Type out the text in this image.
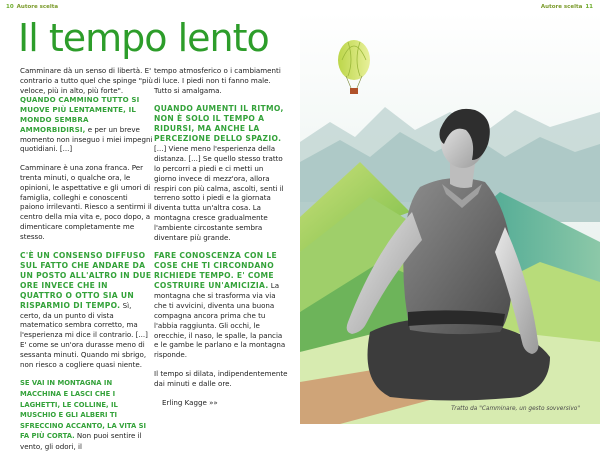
10 Autore scelta	Autore scelta 11
Il tempo lento

Camminare dà un senso di libertà. E' contrario a tutto quel che spinge "più veloce, più in alto, più forte". QUANDO CAMMINO TUTTO SI MUOVE PIÙ LENTAMENTE, IL MONDO SEMBRA AMMORBIDIRSI, e per un breve momento non inseguo i miei impegni quotidiani. [...]

Camminare è una zona franca. Per trenta minuti, o qualche ora, le opinioni, le aspettative e gli umori di famiglia, colleghi e conoscenti paiono irrilevanti. Riesco a sentirmi il centro della mia vita e, poco dopo, a dimenticare completamente me stesso.

C'È UN CONSENSO DIFFUSO SUL FATTO CHE ANDARE DA UN POSTO ALL'ALTRO IN DUE ORE INVECE CHE IN QUATTRO O OTTO SIA UN RISPARMIO DI TEMPO. Sì, certo, da un punto di vista matematico sembra corretto, ma l'esperienza mi dice il contrario. [...] E' come se un'ora durasse meno di sessanta minuti. Quando mi sbrigo, non riesco a cogliere quasi niente.

SE VAI IN MONTAGNA IN MACCHINA E LASCI CHE I LAGHETTI, LE COLLINE, IL MUSCHIO E GLI ALBERI TI SFRECCINO ACCANTO, LA VITA SI FA PIÙ CORTA. Non puoi sentire il vento, gli odori, il

tempo atmosferico o i cambiamenti di luce. I piedi non ti fanno male. Tutto si amalgama.

QUANDO AUMENTI IL RITMO, NON È SOLO IL TEMPO A RIDURSI, MA ANCHE LA PERCEZIONE DELLO SPAZIO. [...] Viene meno l'esperienza della distanza. [...] Se quello stesso tratto lo percorri a piedi e ci metti un giorno invece di mezz'ora, allora respiri con più calma, ascolti, senti il terreno sotto i piedi e la giornata diventa tutta un'altra cosa. La montagna cresce gradualmente l'ambiente circostante sembra diventare più grande.

FARE CONOSCENZA CON LE COSE CHE TI CIRCONDANO RICHIEDE TEMPO. E' COME COSTRUIRE UN'AMICIZIA. La montagna che si trasforma via via che ti avvicini, diventa una buona compagna ancora prima che tu l'abbia raggiunta. Gli occhi, le orecchie, il naso, le spalle, la pancia e le gambe le parlano e la montagna risponde.

Il tempo si dilata, indipendentemente dai minuti e dalle ore.

Erling Kagge »»

Tratto da "Camminare, un gesto sovversivo"
